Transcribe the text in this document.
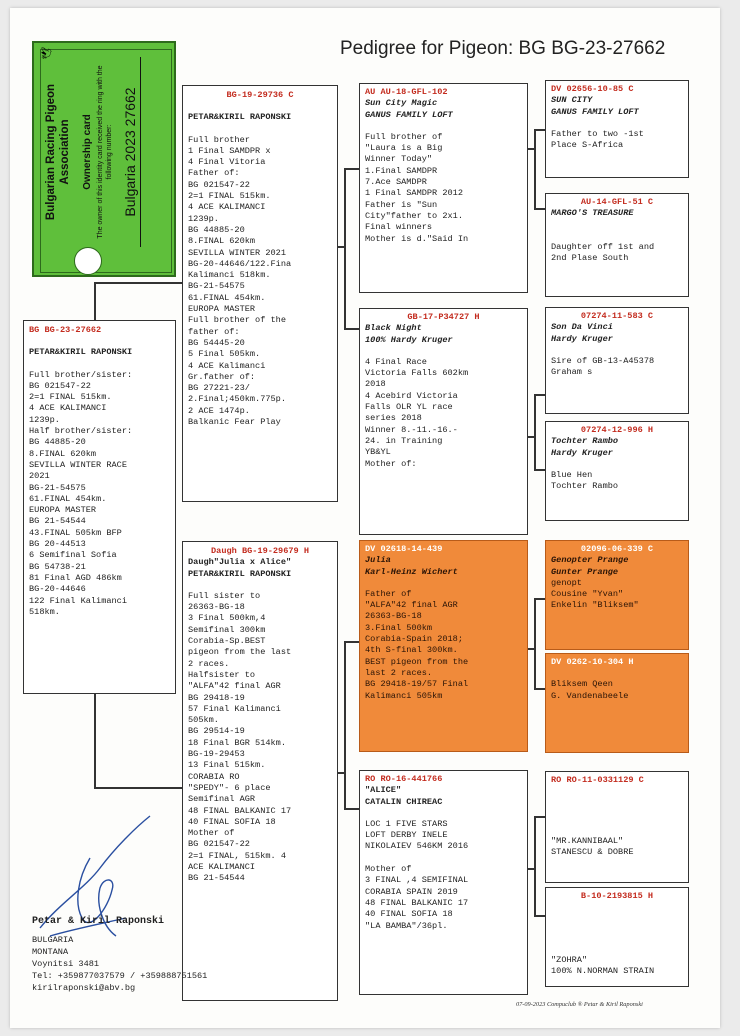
Pedigree for Pigeon: BG BG-23-27662
Bulgarian Racing Pigeon Association
🕊
Ownership card The owner of this identity card received the ring with the following number: Bulgaria 2023 27662
BG BG-23-27662
PETAR&KIRIL RAPONSKI
Full brother/sister:
BG 021547-22
2=1 FINAL 515km.
4 ACE KALIMANCI
1239p.
Half brother/sister:
BG 44885-20
8.FINAL 620km
SEVILLA WINTER RACE
2021
BG-21-54575
61.FINAL 454km.
EUROPA MASTER
BG 21-54544
43.FINAL 505km BFP
BG 20-44513
6 Semifinal Sofia
BG 54738-21
81 Final AGD 486km
BG-20-44646
122 Final Kalimanci
518km.
BG-19-29736 C
PETAR&KIRIL RAPONSKI
Full brother
1 Final SAMDPR x
4 Final Vitoria
Father of:
BG 021547-22
2=1 FINAL 515km.
4 ACE KALIMANCI
1239p.
BG 44885-20
8.FINAL 620km
SEVILLA WINTER 2021
BG-20-44646/122.Fina
Kalimanci 518km.
BG-21-54575
61.FINAL 454km.
EUROPA MASTER
Full brother of the
father of:
BG 54445-20
5 Final 505km.
4 ACE Kalimanci
Gr.father of:
BG 27221-23/
2.Final;450km.775p.
2 ACE 1474p.
Balkanic Fear Play
Daugh BG-19-29679 H
Daugh"Julia x Alice"
PETAR&KIRIL RAPONSKI
Full sister to
26363-BG-18
3 Final 500km,4
Semifinal 300km
Corabia-Sp.BEST
pigeon from the last
2 races.
Halfsister to
"ALFA"42 final AGR
BG 29418-19
57 Final Kalimanci
505km.
BG 29514-19
18 Final BGR 514km.
BG-19-29453
13 Final 515km.
CORABIA RO
"SPEDY"- 6 place
Semifinal AGR
48 FINAL BALKANIC 17
40 FINAL SOFIA 18
Mother of
BG 021547-22
2=1 FINAL, 515km. 4
ACE KALIMANCI
BG 21-54544
AU AU-18-GFL-102
Sun City Magic
GANUS FAMILY LOFT
Full brother of
"Laura is a Big
Winner Today"
1.Final SAMDPR
7.Ace SAMDPR
1 Final SAMDPR 2012
Father is "Sun
City"father to 2x1.
Final winners
Mother is d."Said In
GB-17-P34727 H
Black Night
100% Hardy Kruger
4 Final Race
Victoria Falls 602km
2018
4 Acebird Victoria
Falls OLR YL race
series 2018
Winner 8.-11.-16.-
24. in Training
YB&YL
Mother of:
DV 02618-14-439
Julia
Karl-Heinz Wichert
Father of
"ALFA"42 final AGR
26363-BG-18
3.Final 500km
Corabia-Spain 2018;
4th S-final 300km.
BEST pigeon from the
last 2 races.
BG 29418-19/57 Final
Kalimanci 505km
RO RO-16-441766
"ALICE"
CATALIN CHIREAC
LOC 1 FIVE STARS
LOFT DERBY INELE
NIKOLAIEV 546KM 2016

Mother of
3 FINAL ,4 SEMIFINAL
CORABIA SPAIN 2019
48 FINAL BALKANIC 17
40 FINAL SOFIA 18
"LA BAMBA"/36pl.
DV 02656-10-85 C
SUN CITY
GANUS FAMILY LOFT
Father to two -1st
Place S-Africa
AU-14-GFL-51 C
MARGO'S TREASURE

Daughter off 1st and
2nd Plase South
07274-11-583 C
Son Da Vinci
Hardy Kruger
Sire of GB-13-A45378
Graham s
07274-12-996 H
Tochter Rambo
Hardy Kruger
Blue Hen
Tochter Rambo
02096-06-339 C
Genopter Prange
Gunter Prange
genopt
Cousine "Yvan"
Enkelin "Bliksem"
DV 0262-10-304 H
Bliksem Qeen
G. Vandenabeele
RO RO-11-0331129 C

"MR.KANNIBAAL"
STANESCU & DOBRE
B-10-2193815 H

"ZOHRA"
100% N.NORMAN STRAIN
Petar & Kiril Raponski
BULGARIA
MONTANA
Voynitsi 3481
Tel: +359877037579 / +359888751561
kirilraponski@abv.bg
07-09-2023 Compuclub ® Petar & Kiril Raponski
